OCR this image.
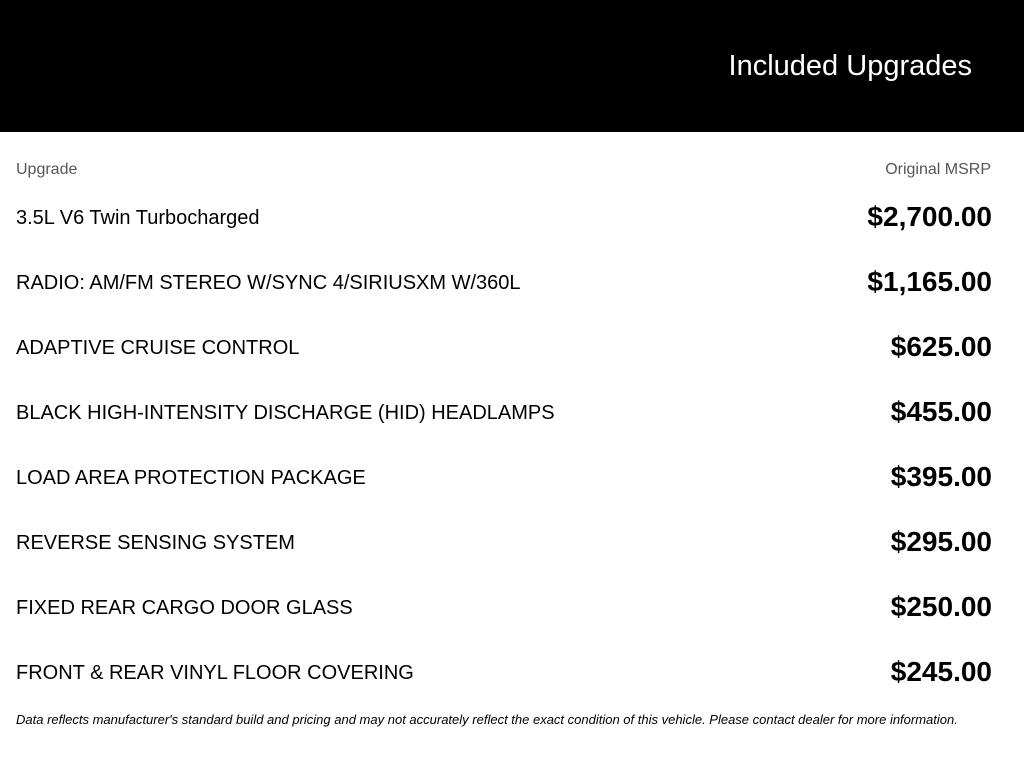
Included Upgrades
Upgrade	Original MSRP
3.5L V6 Twin Turbocharged	$2,700.00
RADIO: AM/FM STEREO W/SYNC 4/SIRIUSXM W/360L	$1,165.00
ADAPTIVE CRUISE CONTROL	$625.00
BLACK HIGH-INTENSITY DISCHARGE (HID) HEADLAMPS	$455.00
LOAD AREA PROTECTION PACKAGE	$395.00
REVERSE SENSING SYSTEM	$295.00
FIXED REAR CARGO DOOR GLASS	$250.00
FRONT & REAR VINYL FLOOR COVERING	$245.00
Data reflects manufacturer's standard build and pricing and may not accurately reflect the exact condition of this vehicle. Please contact dealer for more information.
